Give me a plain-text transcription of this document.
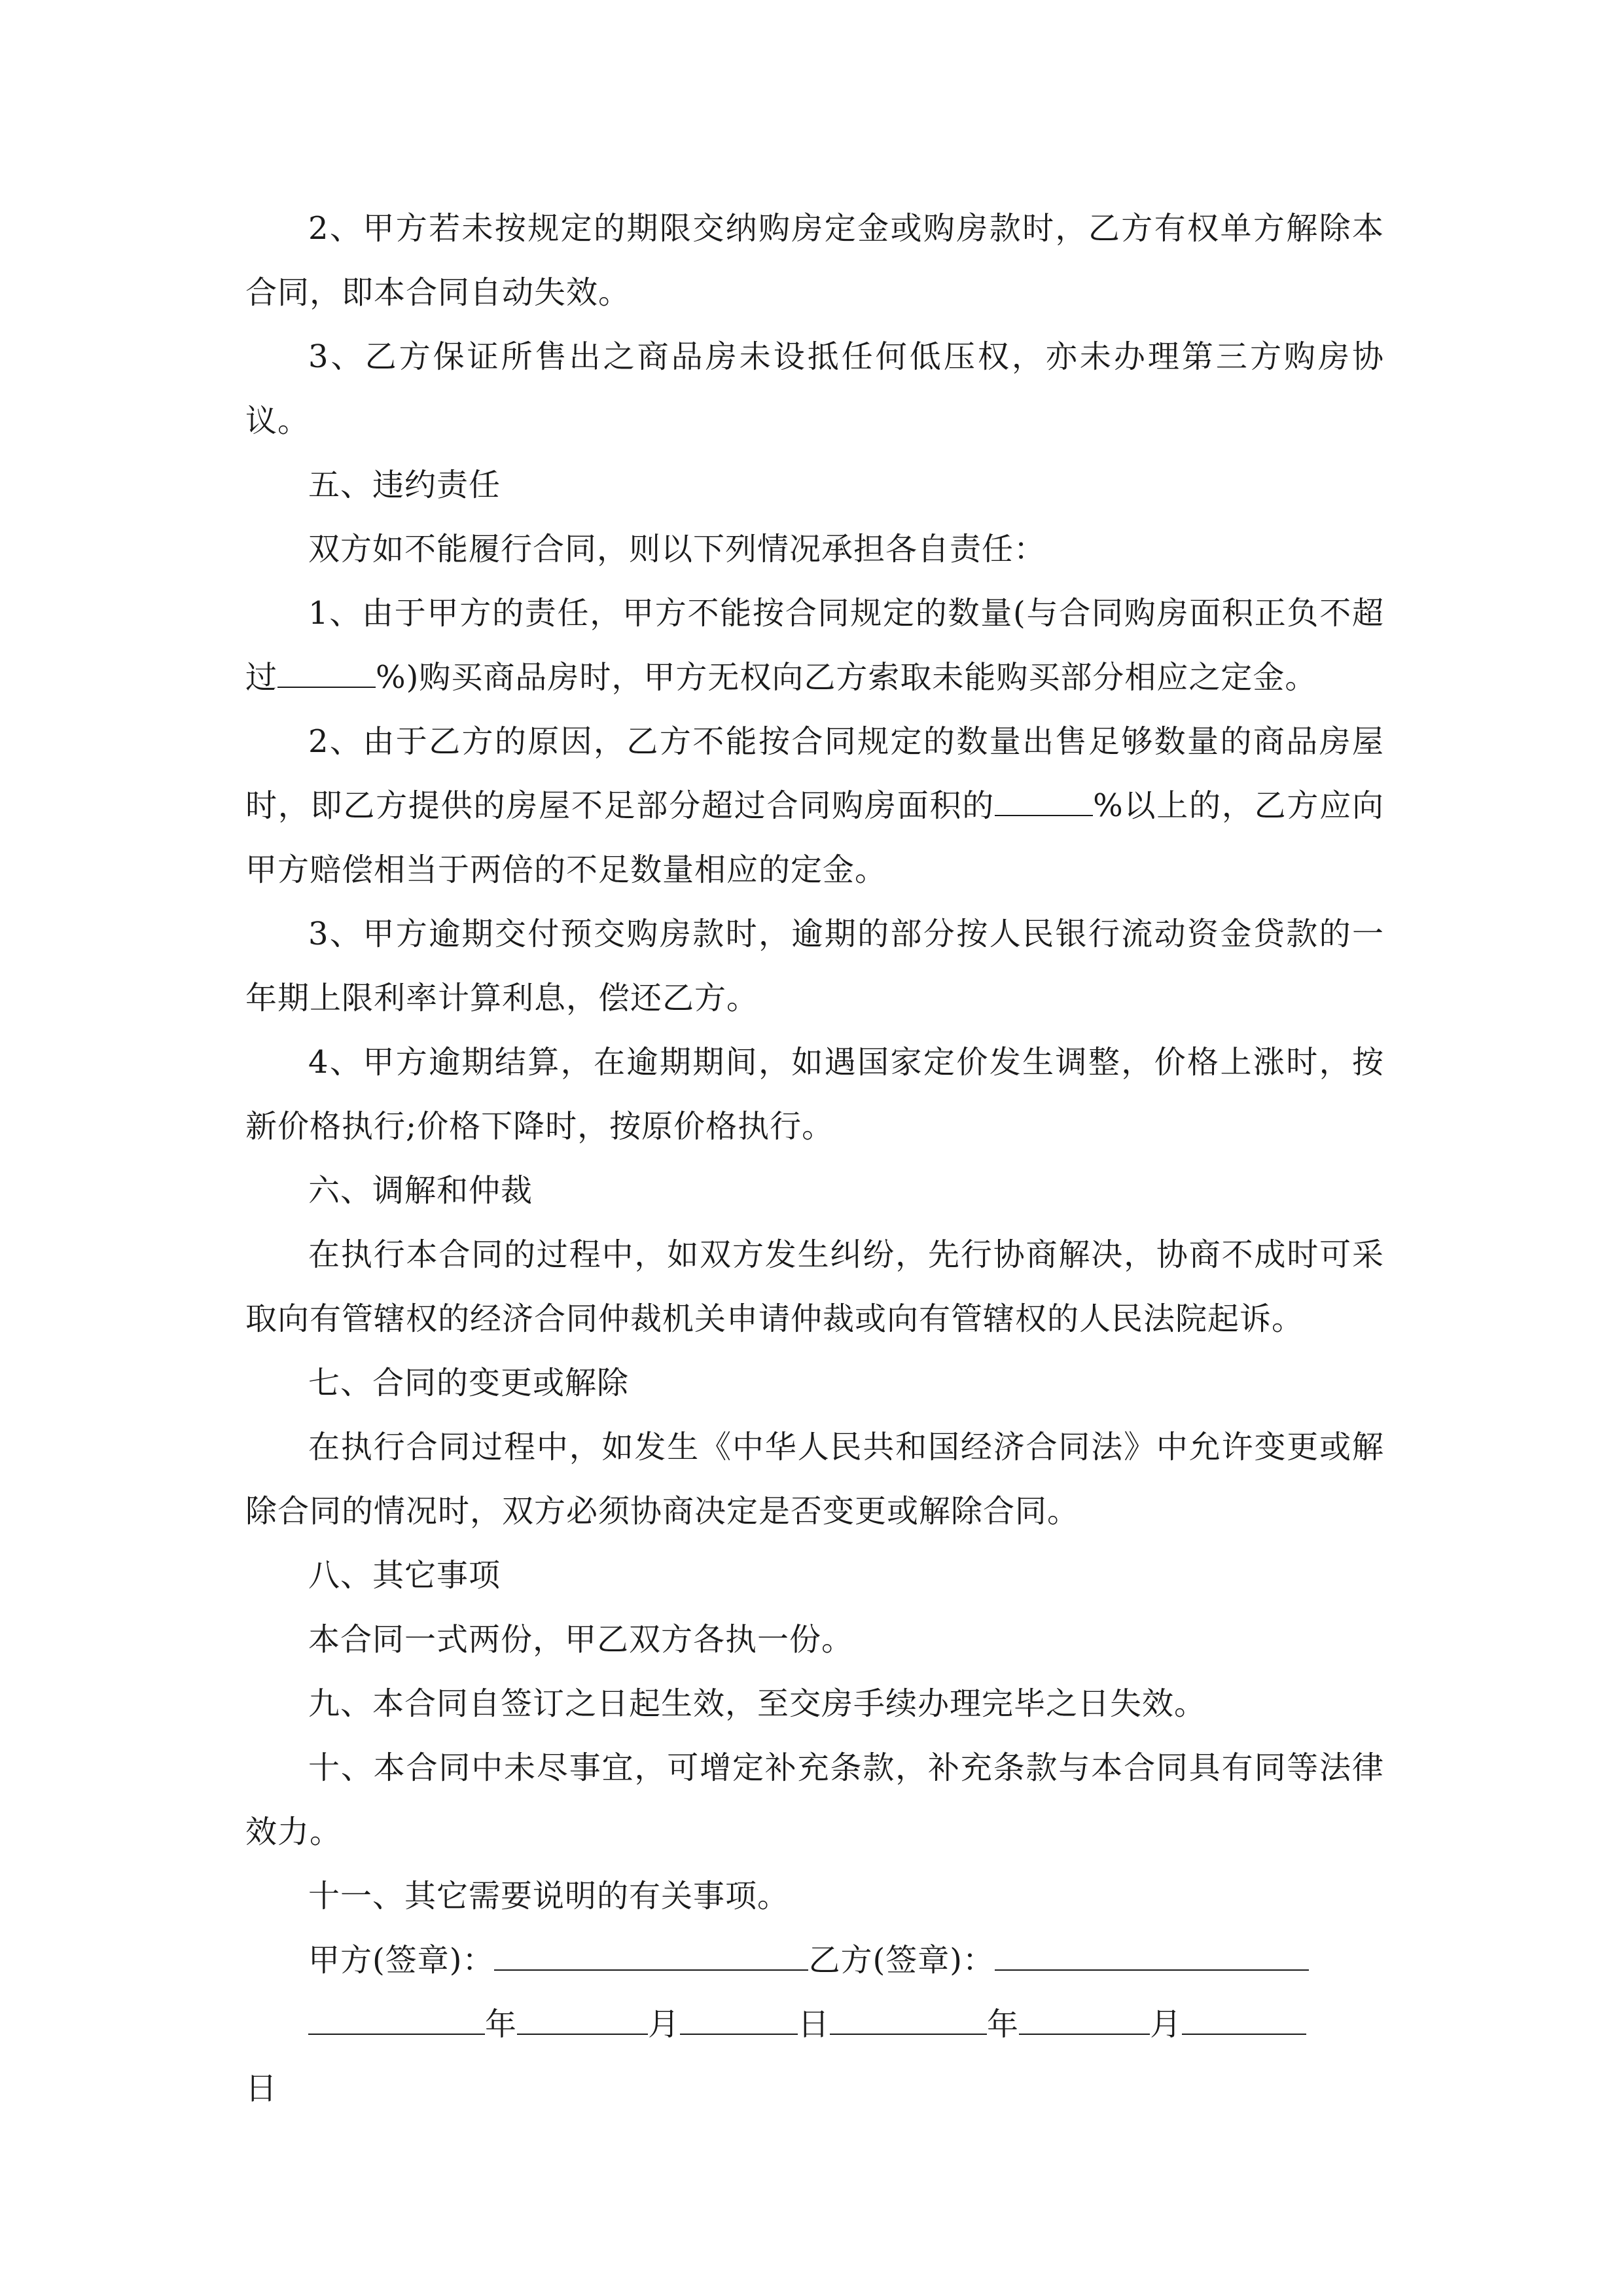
2、甲方若未按规定的期限交纳购房定金或购房款时，乙方有权单方解除本合同，即本合同自动失效。

3、乙方保证所售出之商品房未设抵任何低压权，亦未办理第三方购房协议。

五、违约责任

双方如不能履行合同，则以下列情况承担各自责任：

1、由于甲方的责任，甲方不能按合同规定的数量(与合同购房面积正负不超过	%)购买商品房时，甲方无权向乙方索取未能购买部分相应之定金。

2、由于乙方的原因，乙方不能按合同规定的数量出售足够数量的商品房屋时，即乙方提供的房屋不足部分超过合同购房面积的	%以上的，乙方应向甲方赔偿相当于两倍的不足数量相应的定金。

3、甲方逾期交付预交购房款时，逾期的部分按人民银行流动资金贷款的一年期上限利率计算利息，偿还乙方。

4、甲方逾期结算，在逾期期间，如遇国家定价发生调整，价格上涨时，按新价格执行;价格下降时，按原价格执行。

六、调解和仲裁

在执行本合同的过程中，如双方发生纠纷，先行协商解决，协商不成时可采取向有管辖权的经济合同仲裁机关申请仲裁或向有管辖权的人民法院起诉。

七、合同的变更或解除

在执行合同过程中，如发生《中华人民共和国经济合同法》中允许变更或解除合同的情况时，双方必须协商决定是否变更或解除合同。

八、其它事项

本合同一式两份，甲乙双方各执一份。

九、本合同自签订之日起生效，至交房手续办理完毕之日失效。

十、本合同中未尽事宜，可增定补充条款，补充条款与本合同具有同等法律效力。

十一、其它需要说明的有关事项。

甲方(签章)：	乙方(签章)：

年	月	日	年	月

日
